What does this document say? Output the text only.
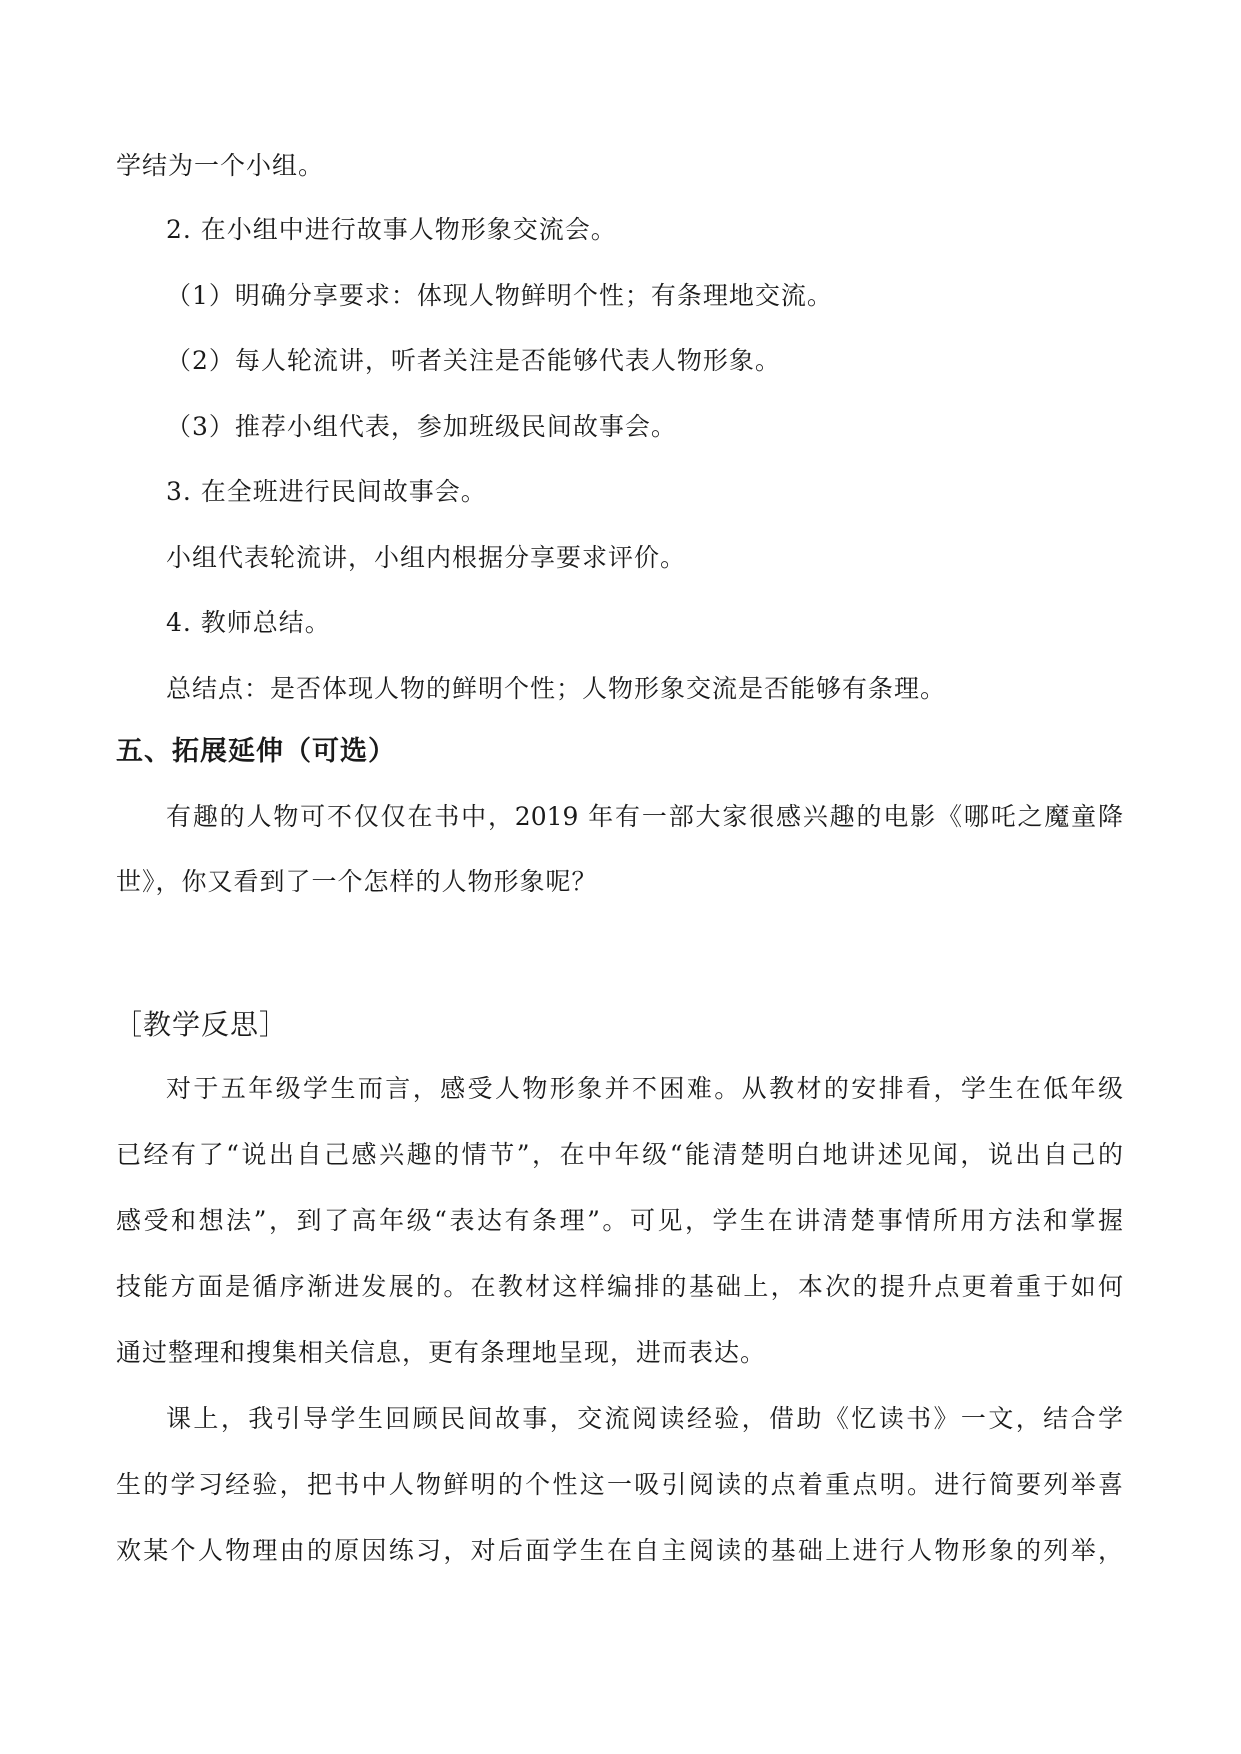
学结为一个小组。
2. 在小组中进行故事人物形象交流会。
（1）明确分享要求：体现人物鲜明个性；有条理地交流。
（2）每人轮流讲，听者关注是否能够代表人物形象。
（3）推荐小组代表，参加班级民间故事会。
3. 在全班进行民间故事会。
小组代表轮流讲，小组内根据分享要求评价。
4. 教师总结。
总结点：是否体现人物的鲜明个性；人物形象交流是否能够有条理。
五、拓展延伸（可选）
有趣的人物可不仅仅在书中，2019 年有一部大家很感兴趣的电影《哪吒之魔童降
世》，你又看到了一个怎样的人物形象呢？
［教学反思］
对于五年级学生而言，感受人物形象并不困难。从教材的安排看，学生在低年级
已经有了“说出自己感兴趣的情节”，在中年级“能清楚明白地讲述见闻，说出自己的
感受和想法”，到了高年级“表达有条理”。可见，学生在讲清楚事情所用方法和掌握
技能方面是循序渐进发展的。在教材这样编排的基础上，本次的提升点更着重于如何
通过整理和搜集相关信息，更有条理地呈现，进而表达。
课上，我引导学生回顾民间故事，交流阅读经验，借助《忆读书》一文，结合学
生的学习经验，把书中人物鲜明的个性这一吸引阅读的点着重点明。进行简要列举喜
欢某个人物理由的原因练习，对后面学生在自主阅读的基础上进行人物形象的列举，
